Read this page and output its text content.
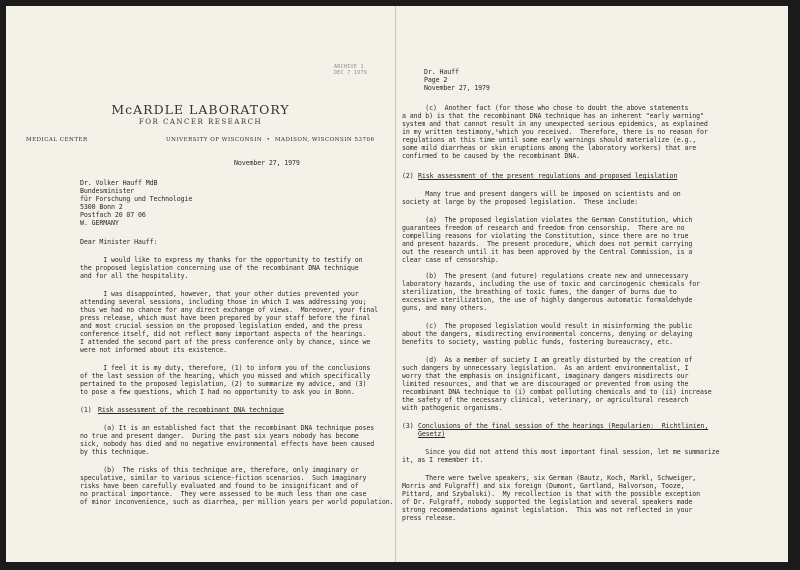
ARCHIVE 1
DEC 7 1979
McARDLE LABORATORY
FOR CANCER RESEARCH
MEDICAL CENTER	UNIVERSITY OF WISCONSIN  •  MADISON, WISCONSIN 53706
November 27, 1979
Dr. Volker Hauff MdB
Bundesminister
für Forschung und Technologie
5300 Bonn 2
Postfach 20 07 06
W. GERMANY
Dear Minister Hauff:
I would like to express my thanks for the opportunity to testify on
the proposed legislation concerning use of the recombinant DNA technique
and for all the hospitality.
I was disappointed, however, that your other duties prevented your
attending several sessions, including those in which I was addressing you;
thus we had no chance for any direct exchange of views.  Moreover, your final
press release, which must have been prepared by your staff before the final
and most crucial session on the proposed legislation ended, and the press
conference itself, did not reflect many important aspects of the hearings.
I attended the second part of the press conference only by chance, since we
were not informed about its existence.
I feel it is my duty, therefore, (1) to inform you of the conclusions
of the last session of the hearing, which you missed and which specifically
pertained to the proposed legislation, (2) to summarize my advice, and (3)
to pose a few questions, which I had no opportunity to ask you in Bonn.
(1) Risk assessment of the recombinant DNA technique
(a) It is an established fact that the recombinant DNA technique poses
no true and present danger.  During the past six years nobody has become
sick, nobody has died and no negative environmental effects have been caused
by this technique.
(b)  The risks of this technique are, therefore, only imaginary or
speculative, similar to various science-fiction scenarios.  Such imaginary
risks have been carefully evaluated and found to be insignificant and of
no practical importance.  They were assessed to be much less than one case
of minor inconvenience, such as diarrhea, per million years per world population.
Dr. Hauff
Page 2
November 27, 1979
(c)  Another fact (for those who chose to doubt the above statements
a and b) is that the recombinant DNA technique has an inherent "early warning"
system and that cannot result in any unexpected serious epidemics, as explained
in my written testimony,¹which you received.  Therefore, there is no reason for
regulations at this time until some early warnings should materialize (e.g.,
some mild diarrheas or skin eruptions among the laboratory workers) that are
confirmed to be caused by the recombinant DNA.
(2) Risk assessment of the present regulations and proposed legislation
Many true and present dangers will be imposed on scientists and on
society at large by the proposed legislation.  These include:
(a)  The proposed legislation violates the German Constitution, which
guarantees freedom of research and freedom from censorship.  There are no
compelling reasons for violating the Constitution, since there are no true
and present hazards.  The present procedure, which does not permit carrying
out the research until it has been approved by the Central Commission, is a
clear case of censorship.
(b)  The present (and future) regulations create new and unnecessary
laboratory hazards, including the use of toxic and carcinogenic chemicals for
sterilization, the breathing of toxic fumes, the danger of burns due to
excessive sterilization, the use of highly dangerous automatic formaldehyde
guns, and many others.
(c)  The proposed legislation would result in misinforming the public
about the dangers, misdirecting environmental concerns, denying or delaying
benefits to society, wasting public funds, fostering bureaucracy, etc.
(d)  As a member of society I am greatly disturbed by the creation of
such dangers by unnecessary legislation.  As an ardent environmentalist, I
worry that the emphasis on insignificant, imaginary dangers misdirects our
limited resources, and that we are discouraged or prevented from using the
recombinant DNA technique to (i) combat polluting chemicals and to (ii) increase
the safety of the necessary clinical, veterinary, or agricultural research
with pathogenic organisms.
(3) Conclusions of the final session of the hearings (Regularien:  Richtlinien,
Gesetz)
Since you did not attend this most important final session, let me summarize
it, as I remember it.
There were twelve speakers, six German (Bautz, Koch, Markl, Schweiger,
Morris and Fulgraff) and six foreign (Dumont, Gartland, Halvorson, Tooze,
Pittard, and Szybalski).  My recollection is that with the possible exception
of Dr. Fulgraff, nobody supported the legislation and several speakers made
strong recommendations against legislation.  This was not reflected in your
press release.
